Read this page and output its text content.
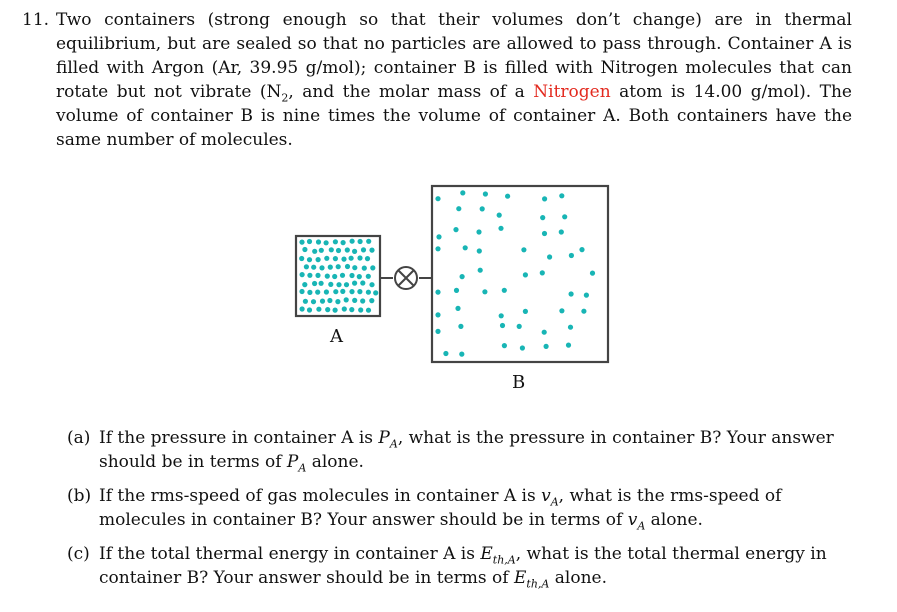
11. Two containers (strong enough so that their volumes don’t change) are in thermal equilibrium, but are sealed so that no particles are allowed to pass through. Container A is filled with Argon (Ar, 39.95 g/mol); container B is filled with Nitrogen molecules that can rotate but not vibrate ($N_2$, and the molar mass of a Nitrogen atom is 14.00 g/mol). The volume of container B is nine times the volume of container A. Both containers have the same number of molecules.
A
B
(a) If the pressure in container A is $P_A$, what is the pressure in container B? Your answer should be in terms of $P_A$ alone.
(b) If the rms-speed of gas molecules in container A is $v_A$, what is the rms-speed of molecules in container B? Your answer should be in terms of $v_A$ alone.
(c) If the total thermal energy in container A is $E_{th,A}$, what is the total thermal energy in container B? Your answer should be in terms of $E_{th,A}$ alone.
